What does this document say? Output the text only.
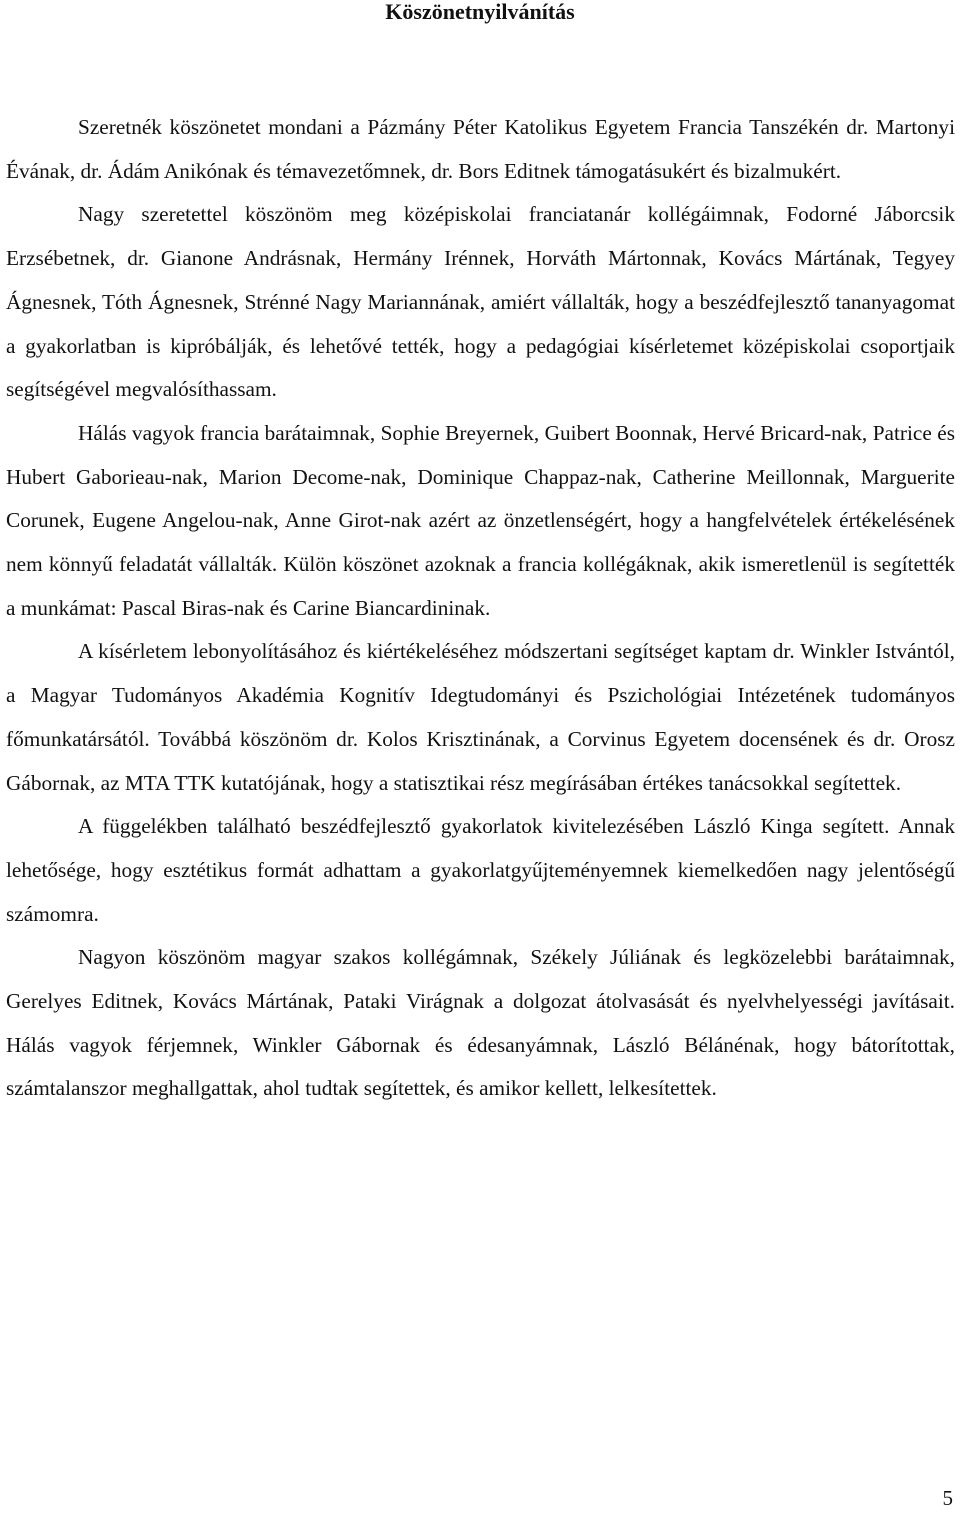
Köszönetnyilvánítás

Szeretnék köszönetet mondani a Pázmány Péter Katolikus Egyetem Francia Tanszékén dr. Martonyi Évának, dr. Ádám Anikónak és témavezetőmnek, dr. Bors Editnek támogatásukért és bizalmukért.

Nagy szeretettel köszönöm meg középiskolai franciatanár kollégáimnak, Fodorné Jáborcsik Erzsébetnek, dr. Gianone Andrásnak, Hermány Irénnek, Horváth Mártonnak, Kovács Mártának, Tegyey Ágnesnek, Tóth Ágnesnek, Strénné Nagy Mariannának, amiért vállalták, hogy a beszédfejlesztő tananyagomat a gyakorlatban is kipróbálják, és lehetővé tették, hogy a pedagógiai kísérletemet középiskolai csoportjaik segítségével megvalósíthassam.

Hálás vagyok francia barátaimnak, Sophie Breyernek, Guibert Boonnak, Hervé Bricard-nak, Patrice és Hubert Gaborieau-nak, Marion Decome-nak, Dominique Chappaz-nak, Catherine Meillonnak, Marguerite Corunek, Eugene Angelou-nak, Anne Girot-nak azért az önzetlenségért, hogy a hangfelvételek értékelésének nem könnyű feladatát vállalták. Külön köszönet azoknak a francia kollégáknak, akik ismeretlenül is segítették a munkámat: Pascal Biras-nak és Carine Biancardininak.

A kísérletem lebonyolításához és kiértékeléséhez módszertani segítséget kaptam dr. Winkler Istvántól, a Magyar Tudományos Akadémia Kognitív Idegtudományi és Pszichológiai Intézetének tudományos főmunkatársától. Továbbá köszönöm dr. Kolos Krisztinának, a Corvinus Egyetem docensének és dr. Orosz Gábornak, az MTA TTK kutatójának, hogy a statisztikai rész megírásában értékes tanácsokkal segítettek.

A függelékben található beszédfejlesztő gyakorlatok kivitelezésében László Kinga segített. Annak lehetősége, hogy esztétikus formát adhattam a gyakorlatgyűjteményemnek kiemelkedően nagy jelentőségű számomra.

Nagyon köszönöm magyar szakos kollégámnak, Székely Júliának és legközelebbi barátaimnak, Gerelyes Editnek, Kovács Mártának, Pataki Virágnak a dolgozat átolvasását és nyelvhelyességi javításait. Hálás vagyok férjemnek, Winkler Gábornak és édesanyámnak, László Bélánénak, hogy bátorítottak, számtalanszor meghallgattak, ahol tudtak segítettek, és amikor kellett, lelkesítettek.

5
